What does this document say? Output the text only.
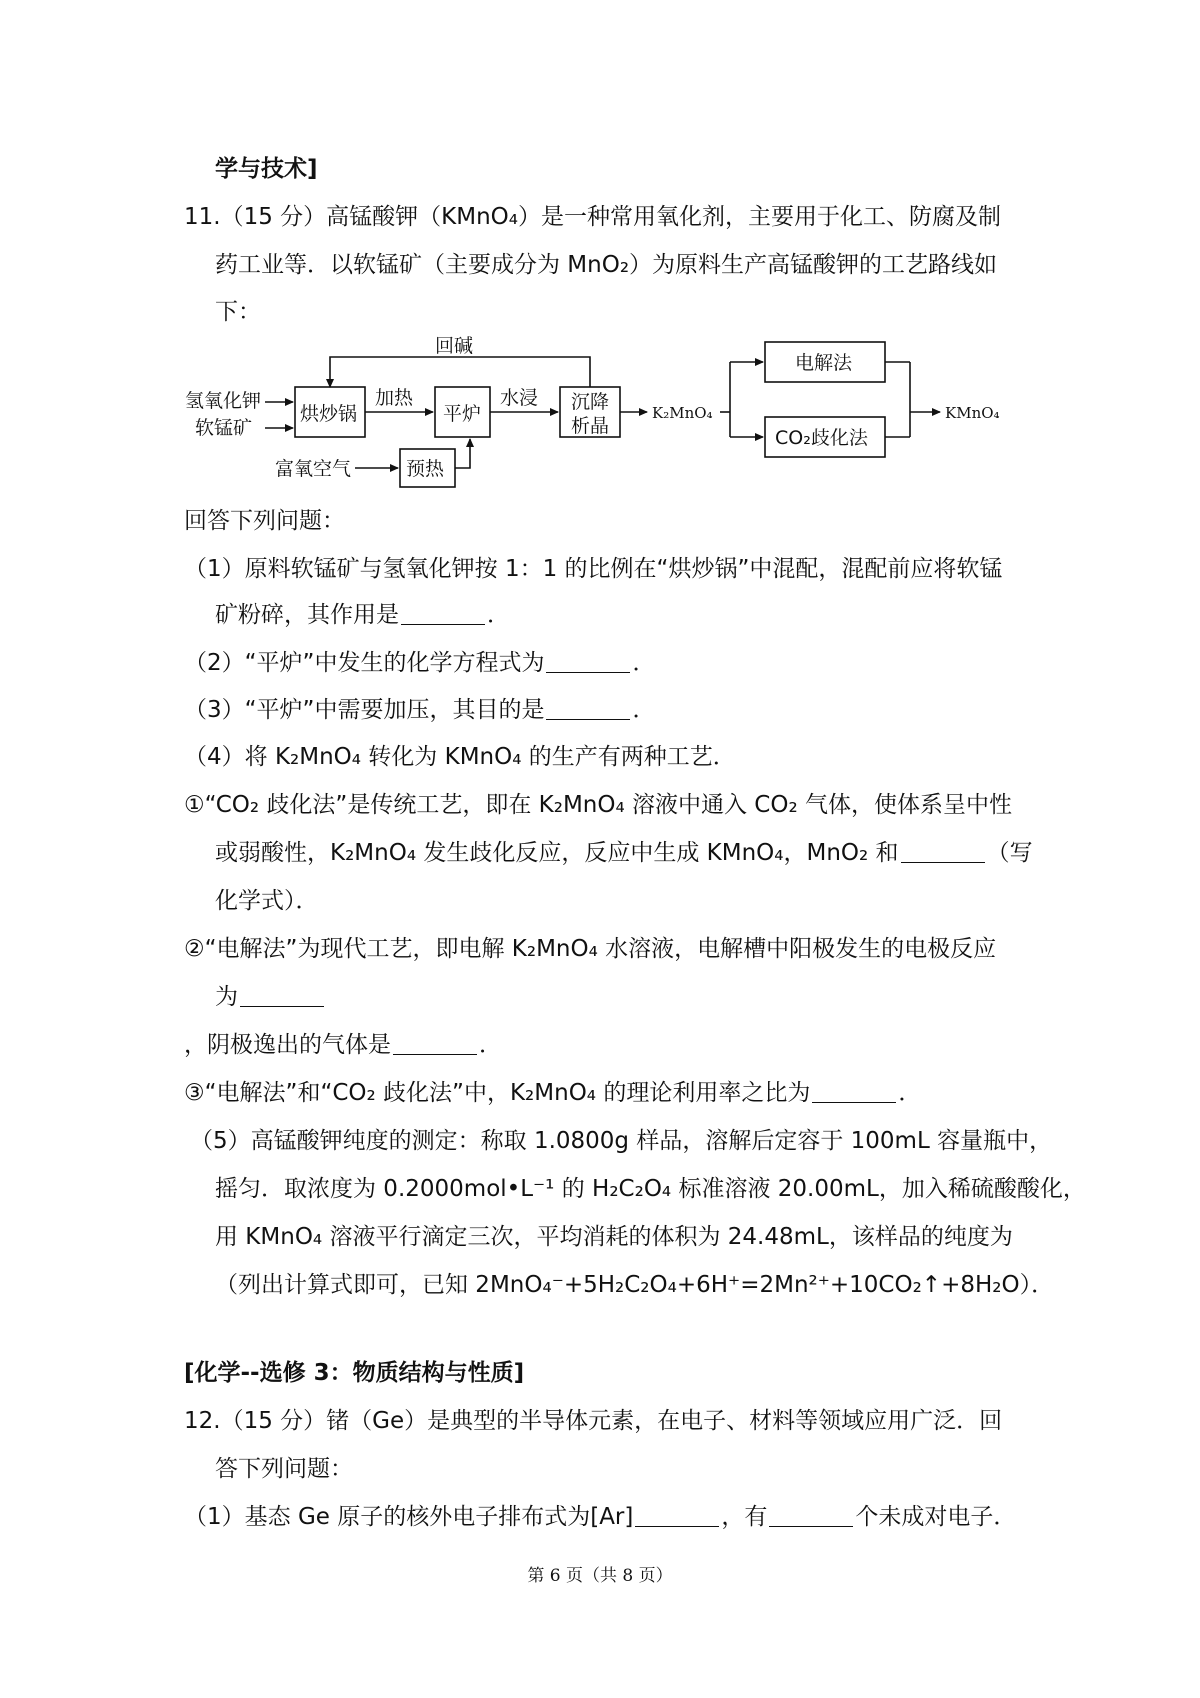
学与技术]
11.（15 分）高锰酸钾（KMnO₄）是一种常用氧化剂，主要用于化工、防腐及制
药工业等．以软锰矿（主要成分为 MnO₂）为原料生产高锰酸钾的工艺路线如
下：
回碱
氢氧化钾
软锰矿
烘炒锅
加热
平炉
水浸 沉降
析晶
K₂MnO₄
电解法
CO₂歧化法
KMnO₄
富氧空气	预热
回答下列问题：
（1）原料软锰矿与氢氧化钾按 1：1 的比例在“烘炒锅”中混配，混配前应将软锰
矿粉碎，其作用是	．
（2）“平炉”中发生的化学方程式为	．
（3）“平炉”中需要加压，其目的是	．
（4）将 K₂MnO₄ 转化为 KMnO₄ 的生产有两种工艺．
①“CO₂ 歧化法”是传统工艺，即在 K₂MnO₄ 溶液中通入 CO₂ 气体，使体系呈中性
或弱酸性，K₂MnO₄ 发生歧化反应，反应中生成 KMnO₄，MnO₂ 和	（写
化学式）．
②“电解法”为现代工艺，即电解 K₂MnO₄ 水溶液，电解槽中阳极发生的电极反应
为
，阴极逸出的气体是	．
③“电解法”和“CO₂ 歧化法”中，K₂MnO₄ 的理论利用率之比为	．
（5）高锰酸钾纯度的测定：称取 1.0800g 样品，溶解后定容于 100mL 容量瓶中，
摇匀．取浓度为 0.2000mol•L⁻¹ 的 H₂C₂O₄ 标准溶液 20.00mL，加入稀硫酸酸化，
用 KMnO₄ 溶液平行滴定三次，平均消耗的体积为 24.48mL，该样品的纯度为
（列出计算式即可，已知 2MnO₄⁻+5H₂C₂O₄+6H⁺=2Mn²⁺+10CO₂↑+8H₂O）．
[化学--选修 3：物质结构与性质]
12.（15 分）锗（Ge）是典型的半导体元素，在电子、材料等领域应用广泛．回
答下列问题：
（1）基态 Ge 原子的核外电子排布式为[Ar]	，有	个未成对电子．
第 6 页（共 8 页）
